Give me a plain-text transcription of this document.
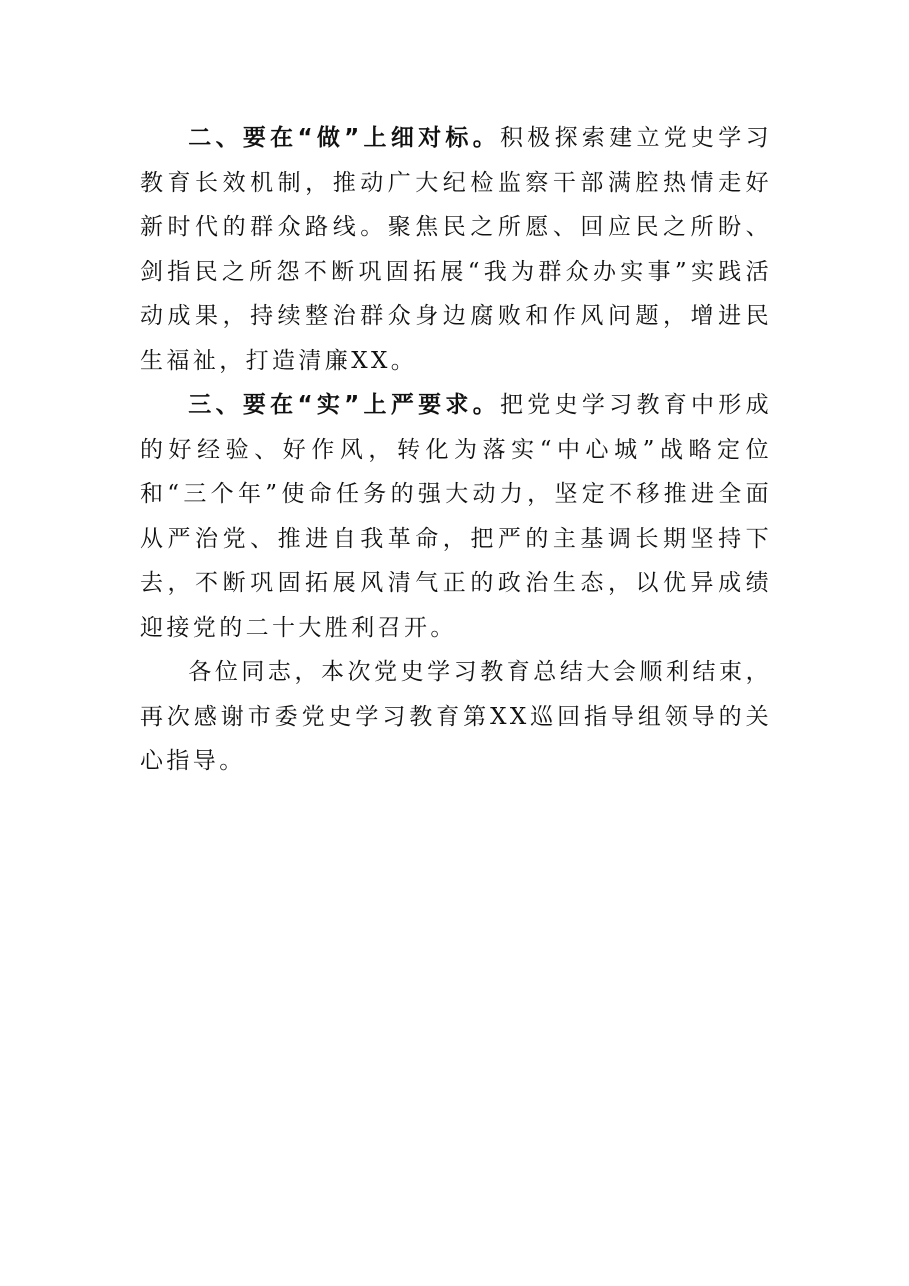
二、要在“做”上细对标。积极探索建立党史学习教育长效机制，推动广大纪检监察干部满腔热情走好新时代的群众路线。聚焦民之所愿、回应民之所盼、剑指民之所怨不断巩固拓展“我为群众办实事”实践活动成果，持续整治群众身边腐败和作风问题，增进民生福祉，打造清廉XX。

三、要在“实”上严要求。把党史学习教育中形成的好经验、好作风，转化为落实“中心城”战略定位和“三个年”使命任务的强大动力，坚定不移推进全面从严治党、推进自我革命，把严的主基调长期坚持下去，不断巩固拓展风清气正的政治生态，以优异成绩迎接党的二十大胜利召开。

各位同志，本次党史学习教育总结大会顺利结束，再次感谢市委党史学习教育第XX巡回指导组领导的关心指导。
